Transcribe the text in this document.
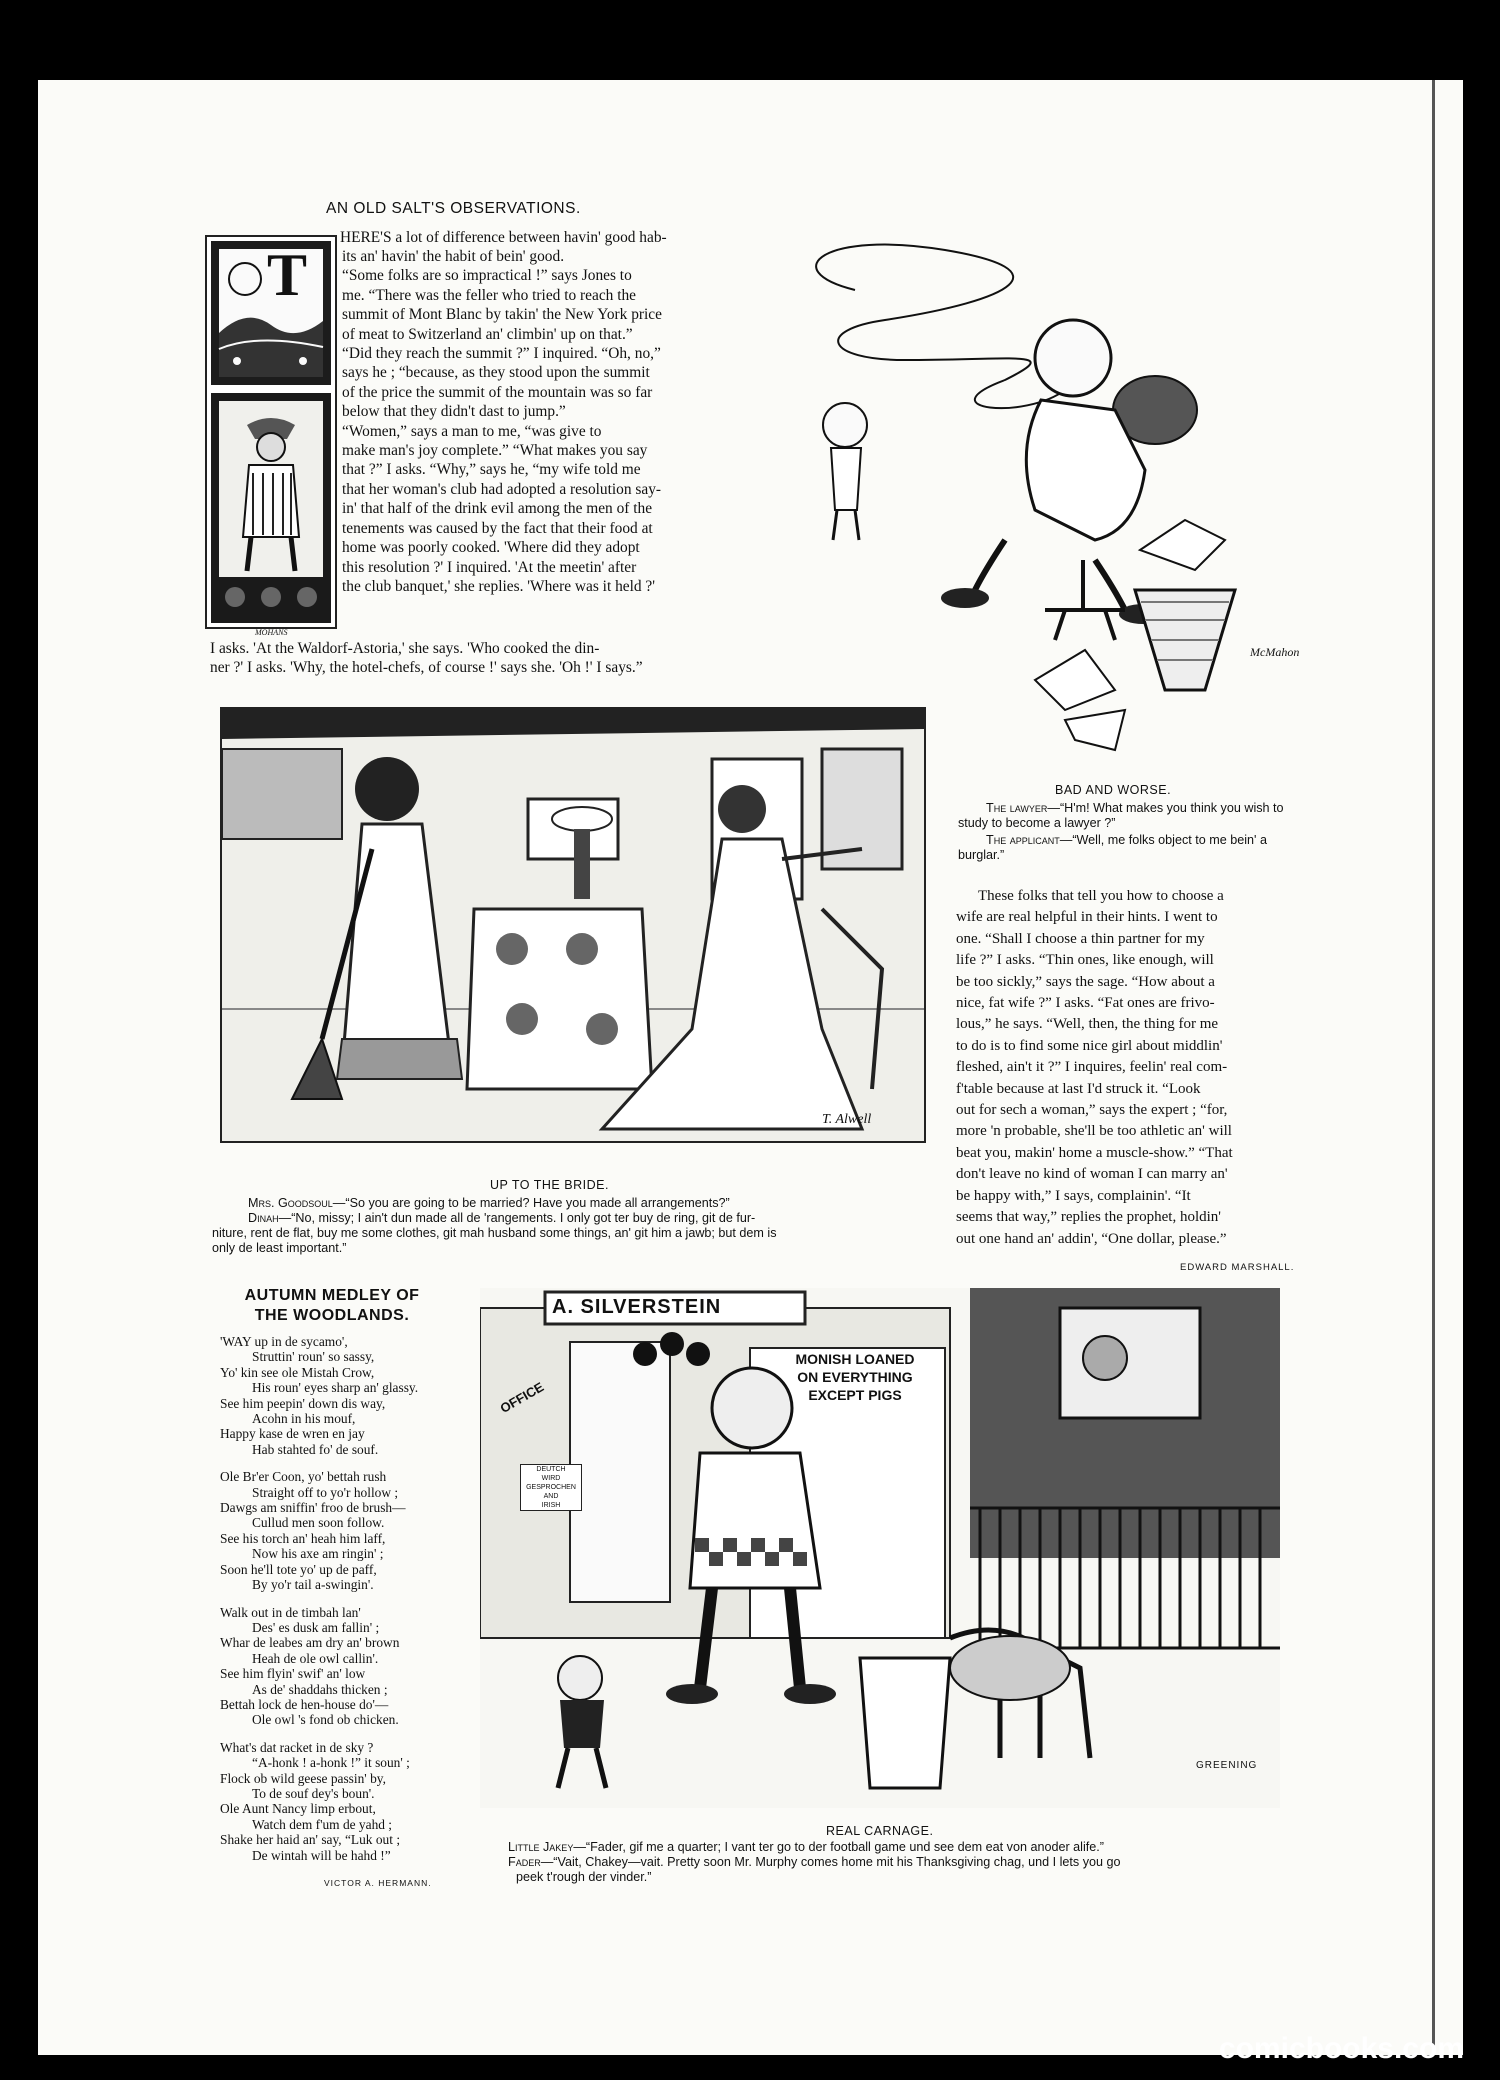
AN OLD SALT'S OBSERVATIONS.
MOHANS
T
HERE'S a lot of difference between havin' good hab-
its an' havin' the habit of bein' good.
“Some folks are so impractical !” says Jones to
me. “There was the feller who tried to reach the
summit of Mont Blanc by takin' the New York price
of meat to Switzerland an' climbin' up on that.”
“Did they reach the summit ?” I inquired. “Oh, no,”
says he ; “because, as they stood upon the summit
of the price the summit of the mountain was so far
below that they didn't dast to jump.”
“Women,” says a man to me, “was give to
make man's joy complete.” “What makes you say
that ?” I asks. “Why,” says he, “my wife told me
that her woman's club had adopted a resolution say-
in' that half of the drink evil among the men of the
tenements was caused by the fact that their food at
home was poorly cooked. 'Where did they adopt
this resolution ?' I inquired. 'At the meetin' after
the club banquet,' she replies. 'Where was it held ?'
I asks. 'At the Waldorf-Astoria,' she says. 'Who cooked the din-
ner ?' I asks. 'Why, the hotel-chefs, of course !' says she. 'Oh !' I says.”
McMahon
BAD AND WORSE.
The lawyer—“H'm! What makes you think you wish to study to become a lawyer ?”
The applicant—“Well, me folks object to me bein' a burglar.”
These folks that tell you how to choose a
wife are real helpful in their hints. I went to
one. “Shall I choose a thin partner for my
life ?” I asks. “Thin ones, like enough, will
be too sickly,” says the sage. “How about a
nice, fat wife ?” I asks. “Fat ones are frivo-
lous,” he says. “Well, then, the thing for me
to do is to find some nice girl about middlin'
fleshed, ain't it ?” I inquires, feelin' real com-
f'table because at last I'd struck it. “Look
out for sech a woman,” says the expert ; “for,
more 'n probable, she'll be too athletic an' will
beat you, makin' home a muscle-show.” “That
don't leave no kind of woman I can marry an'
be happy with,” I says, complainin'. “It
seems that way,” replies the prophet, holdin'
out one hand an' addin', “One dollar, please.”
EDWARD MARSHALL.
T. Alwell
UP TO THE BRIDE.
Mrs. Goodsoul—“So you are going to be married? Have you made all arrangements?”
Dinah—“No, missy; I ain't dun made all de 'rangements. I only got ter buy de ring, git de fur-
niture, rent de flat, buy me some clothes, git mah husband some things, an' git him a jawb; but dem is
only de least important.”
AUTUMN MEDLEY OF
THE WOODLANDS.

'WAY up in de sycamo',
Struttin' roun' so sassy,
Yo' kin see ole Mistah Crow,
His roun' eyes sharp an' glassy.
See him peepin' down dis way,
Acohn in his mouf,
Happy kase de wren en jay
Hab stahted fo' de souf.

Ole Br'er Coon, yo' bettah rush
Straight off to yo'r hollow ;
Dawgs am sniffin' froo de brush—
Cullud men soon follow.
See his torch an' heah him laff,
Now his axe am ringin' ;
Soon he'll tote yo' up de paff,
By yo'r tail a-swingin'.

Walk out in de timbah lan'
Des' es dusk am fallin' ;
Whar de leabes am dry an' brown
Heah de ole owl callin'.
See him flyin' swif' an' low
As de' shaddahs thicken ;
Bettah lock de hen-house do'—
Ole owl 's fond ob chicken.

What's dat racket in de sky ?
“A-honk ! a-honk !” it soun' ;
Flock ob wild geese passin' by,
To de souf dey's boun'.
Ole Aunt Nancy limp erbout,
Watch dem f'um de yahd ;
Shake her haid an' say, “Luk out ;
De wintah will be hahd !”

VICTOR A. HERMANN.
A. SILVERSTEIN
MONISH LOANED
ON EVERYTHING
EXCEPT PIGS
OFFICE
DEUTCH
WIRD
GESPROCHEN
AND
IRISH
GREENING
REAL CARNAGE.
Little Jakey—“Fader, gif me a quarter; I vant ter go to der football game und see dem eat von anoder alife.”
Fader—“Vait, Chakey—vait. Pretty soon Mr. Murphy comes home mit his Thanksgiving chag, und I lets you go
peek t'rough der vinder.”
comicbooks.com
